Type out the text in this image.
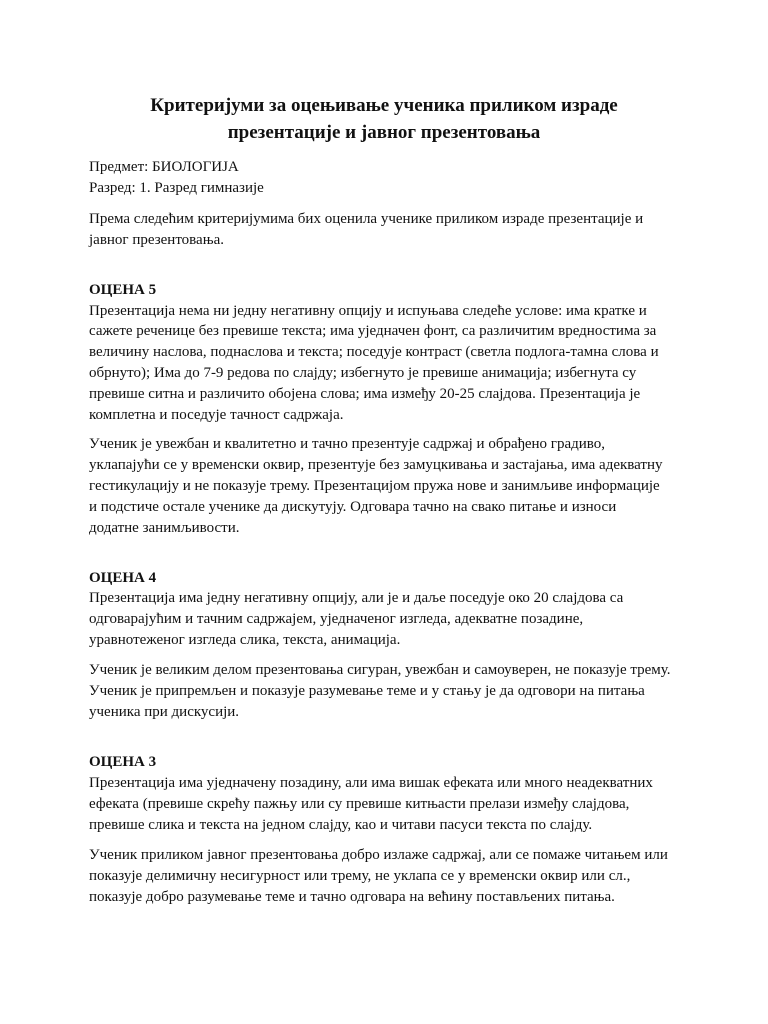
Критеријуми за оцењивање ученика приликом израде
презентације и јавног презентовања
Предмет: БИОЛОГИЈА
Разред: 1. Разред гимназије
Према следећим критеријумима бих оценила ученике приликом израде презентације и
јавног презентовања.
ОЦЕНА 5
Презентација нема ни једну негативну опцију и испуњава следеће услове: има кратке и
сажете реченице без превише текста; има уједначен фонт, са различитим вредностима за
величину наслова, поднаслова и текста; поседује контраст (светла подлога-тамна слова и
обрнуто); Има до 7-9 редова по слајду; избегнуто је превише анимација; избегнута су
превише ситна и различито обојена слова; има између 20-25 слајдова. Презентација је
комплетна и поседује тачност садржаја.
Ученик је увежбан и квалитетно и тачно презентује садржај и обрађено градиво,
уклапајући се у временски оквир, презентује без замуцкивања и застајања, има адекватну
гестикулацију и не показује трему. Презентацијом пружа нове и занимљиве информације
и подстиче остале ученике да дискутују. Одговара тачно на свако питање и износи
додатне занимљивости.
ОЦЕНА 4
Презентација има једну негативну опцију, али је и даље поседује око 20 слајдова са
одговарајућим и тачним садржајем, уједначеног изгледа, адекватне позадине,
уравнотеженог изгледа слика, текста, анимација.
Ученик је великим делом презентовања сигуран, увежбан и самоуверен, не показује трему.
Ученик је припремљен и показује разумевање теме и у стању је да одговори на питања
ученика при дискусији.
ОЦЕНА 3
Презентација има уједначену позадину, али има вишак ефеката или много неадекватних
ефеката (превише скрећу пажњу или су превише китњасти прелази између слајдова,
превише слика и текста на једном слајду, као и читави пасуси текста по слајду.
Ученик приликом јавног презентовања добро излаже садржај, али се помаже читањем или
показује делимичну несигурност или трему, не уклапа се у временски оквир или сл.,
показује добро разумевање теме и тачно одговара на већину постављених питања.
